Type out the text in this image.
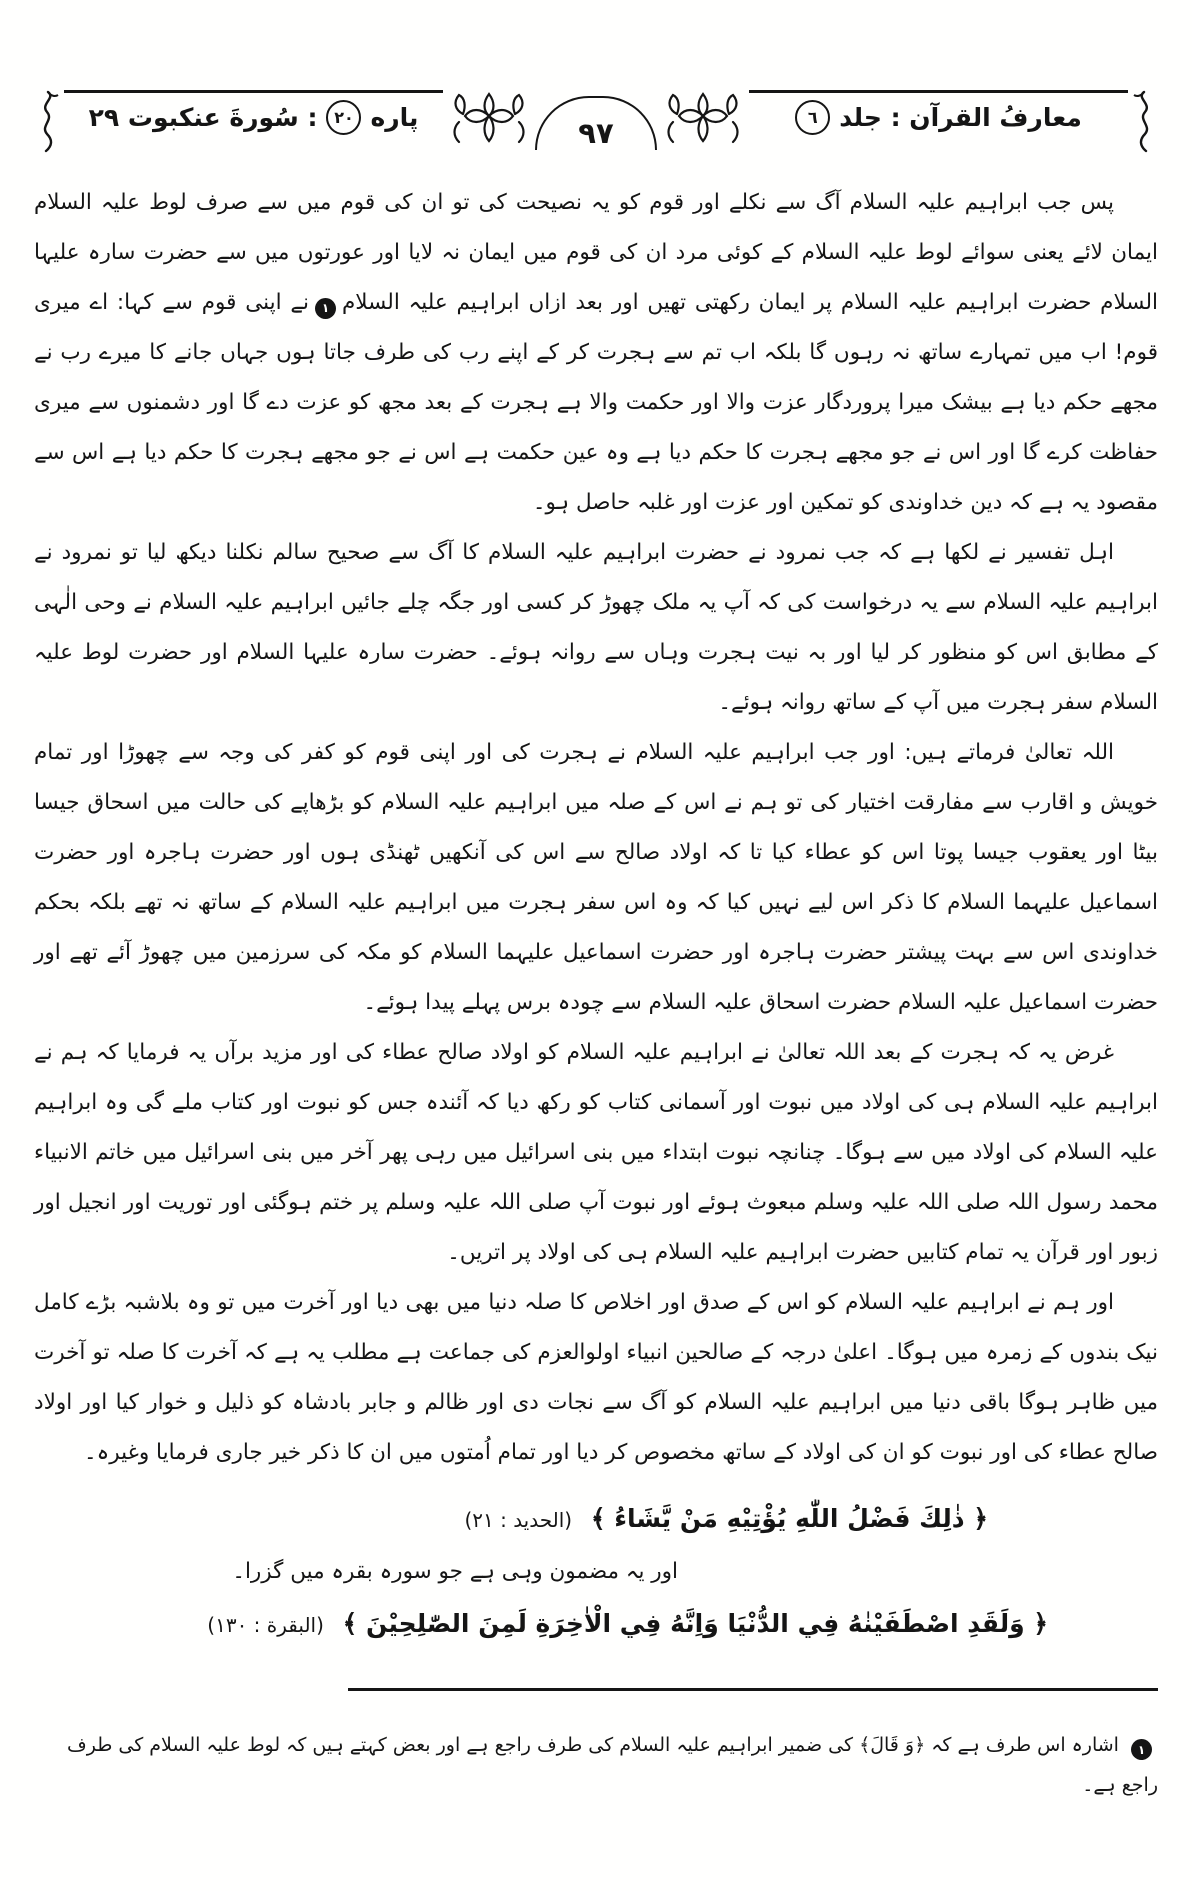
پاره
٢٠
: سُورةَ عنكبوت ٢٩	٩٧	معارفُ القرآن : جلد
٦

پس جب ابراہیم علیہ السلام آگ سے نکلے اور قوم کو یہ نصیحت کی تو ان کی قوم میں سے صرف لوط علیہ السلام ایمان لائے یعنی سوائے لوط علیہ السلام کے کوئی مرد ان کی قوم میں ایمان نہ لایا اور عورتوں میں سے حضرت سارہ علیہا السلام حضرت ابراہیم علیہ السلام پر ایمان رکھتی تھیں اور بعد ازاں ابراہیم علیہ السلام١نے اپنی قوم سے کہا: اے میری قوم! اب میں تمہارے ساتھ نہ رہوں گا بلکہ اب تم سے ہجرت کر کے اپنے رب کی طرف جاتا ہوں جہاں جانے کا میرے رب نے مجھے حکم دیا ہے بیشک میرا پروردگار عزت والا اور حکمت والا ہے ہجرت کے بعد مجھ کو عزت دے گا اور دشمنوں سے میری حفاظت کرے گا اور اس نے جو مجھے ہجرت کا حکم دیا ہے وہ عین حکمت ہے اس نے جو مجھے ہجرت کا حکم دیا ہے اس سے مقصود یہ ہے کہ دین خداوندی کو تمکین اور عزت اور غلبہ حاصل ہو۔

اہل تفسیر نے لکھا ہے کہ جب نمرود نے حضرت ابراہیم علیہ السلام کا آگ سے صحیح سالم نکلنا دیکھ لیا تو نمرود نے ابراہیم علیہ السلام سے یہ درخواست کی کہ آپ یہ ملک چھوڑ کر کسی اور جگہ چلے جائیں ابراہیم علیہ السلام نے وحی الٰہی کے مطابق اس کو منظور کر لیا اور بہ نیت ہجرت وہاں سے روانہ ہوئے۔ حضرت سارہ علیہا السلام اور حضرت لوط علیہ السلام سفر ہجرت میں آپ کے ساتھ روانہ ہوئے۔

اللہ تعالیٰ فرماتے ہیں: اور جب ابراہیم علیہ السلام نے ہجرت کی اور اپنی قوم کو کفر کی وجہ سے چھوڑا اور تمام خویش و اقارب سے مفارقت اختیار کی تو ہم نے اس کے صلہ میں ابراہیم علیہ السلام کو بڑھاپے کی حالت میں اسحاق جیسا بیٹا اور یعقوب جیسا پوتا اس کو عطاء کیا تا کہ اولاد صالح سے اس کی آنکھیں ٹھنڈی ہوں اور حضرت ہاجرہ اور حضرت اسماعیل علیہما السلام کا ذکر اس لیے نہیں کیا کہ وہ اس سفر ہجرت میں ابراہیم علیہ السلام کے ساتھ نہ تھے بلکہ بحکم خداوندی اس سے بہت پیشتر حضرت ہاجرہ اور حضرت اسماعیل علیہما السلام کو مکہ کی سرزمین میں چھوڑ آئے تھے اور حضرت اسماعیل علیہ السلام حضرت اسحاق علیہ السلام سے چودہ برس پہلے پیدا ہوئے۔

غرض یہ کہ ہجرت کے بعد اللہ تعالیٰ نے ابراہیم علیہ السلام کو اولاد صالح عطاء کی اور مزید برآں یہ فرمایا کہ ہم نے ابراہیم علیہ السلام ہی کی اولاد میں نبوت اور آسمانی کتاب کو رکھ دیا کہ آئندہ جس کو نبوت اور کتاب ملے گی وہ ابراہیم علیہ السلام کی اولاد میں سے ہوگا۔ چنانچہ نبوت ابتداء میں بنی اسرائیل میں رہی پھر آخر میں بنی اسرائیل میں خاتم الانبیاء محمد رسول اللہ صلی اللہ علیہ وسلم مبعوث ہوئے اور نبوت آپ صلی اللہ علیہ وسلم پر ختم ہوگئی اور توریت اور انجیل اور زبور اور قرآن یہ تمام کتابیں حضرت ابراہیم علیہ السلام ہی کی اولاد پر اتریں۔

اور ہم نے ابراہیم علیہ السلام کو اس کے صدق اور اخلاص کا صلہ دنیا میں بھی دیا اور آخرت میں تو وہ بلاشبہ بڑے کامل نیک بندوں کے زمرہ میں ہوگا۔ اعلیٰ درجہ کے صالحین انبیاء اولوالعزم کی جماعت ہے مطلب یہ ہے کہ آخرت کا صلہ تو آخرت میں ظاہر ہوگا باقی دنیا میں ابراہیم علیہ السلام کو آگ سے نجات دی اور ظالم و جابر بادشاہ کو ذلیل و خوار کیا اور اولاد صالح عطاء کی اور نبوت کو ان کی اولاد کے ساتھ مخصوص کر دیا اور تمام اُمتوں میں ان کا ذکر خیر جاری فرمایا وغیرہ۔

﴿ ذٰلِكَ فَضْلُ اللّٰهِ يُؤْتِيْهِ مَنْ يَّشَاءُ ﴾ (الحدید : ٢١)

اور یہ مضمون وہی ہے جو سورہ بقرہ میں گزرا۔

﴿ وَلَقَدِ اصْطَفَيْنٰهُ فِي الدُّنْيَا وَاِنَّهُ فِي الْاٰخِرَةِ لَمِنَ الصّٰلِحِيْنَ ﴾ (البقرة : ١٣٠)

١ اشارہ اس طرف ہے کہ ﴿وَ قَالَ﴾ کی ضمیر ابراہیم علیہ السلام کی طرف راجع ہے اور بعض کہتے ہیں کہ لوط علیہ السلام کی طرف راجع ہے۔
